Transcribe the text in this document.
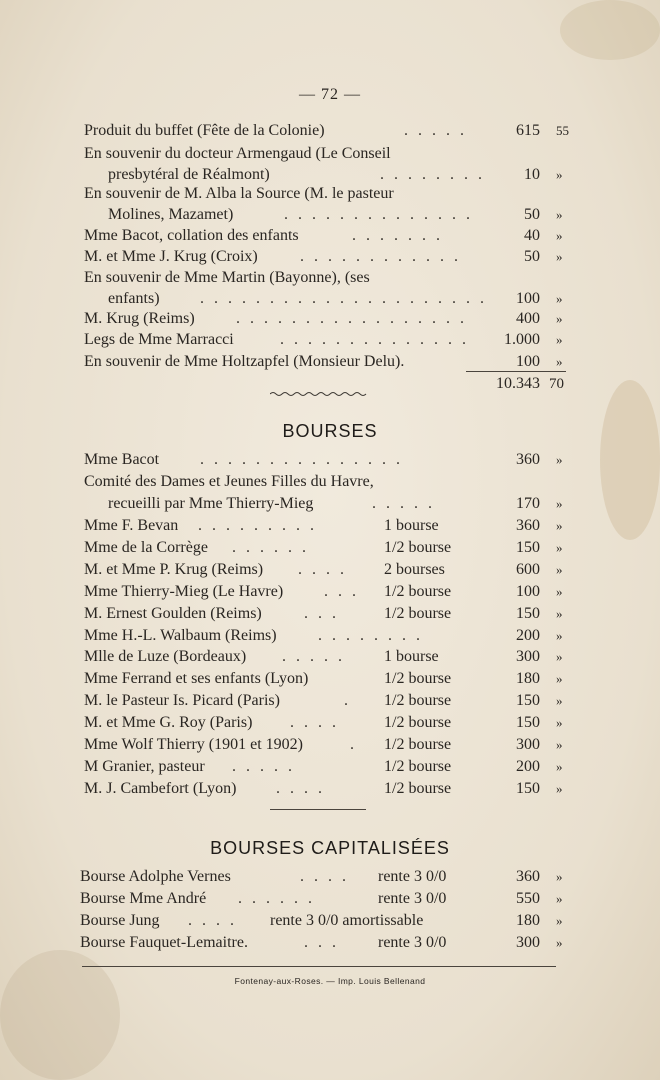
— 72 —
Produit du buffet (Fête de la Colonie)	. . . . .	615 55
En souvenir du docteur Armengaud (Le Conseil
presbytéral de Réalmont)	. . . . . . . .	10 »
En souvenir de M. Alba la Source (M. le pasteur
Molines, Mazamet)	. . . . . . . . . . . . . .	50 »
Mme Bacot, collation des enfants	. . . . . . .	40 »
M. et Mme J. Krug (Croix)	. . . . . . . . . . . .	50 »
En souvenir de Mme Martin (Bayonne), (ses
enfants)	. . . . . . . . . . . . . . . . . . . . .	100 »
M. Krug (Reims)	. . . . . . . . . . . . . . . . .	400 »
Legs de Mme Marracci	. . . . . . . . . . . . . .	1.000 »
En souvenir de Mme Holtzapfel (Monsieur Delu).	100 »
10.343 70
BOURSES
Mme Bacot	. . . . . . . . . . . . . . .	360 »
Comité des Dames et Jeunes Filles du Havre,
recueilli par Mme Thierry-Mieg	. . . . .	170 »
Mme F. Bevan . . . . . . . . .	1 bourse	360 »
Mme de la Corrège . . . . . .	1/2 bourse	150 »
M. et Mme P. Krug (Reims) . . . . 2 bourses	600 »
Mme Thierry-Mieg (Le Havre)	. . . 1/2 bourse	100 »
M. Ernest Goulden (Reims)	. . .	1/2 bourse	150 »
Mme H.-L. Walbaum (Reims)	. . . . . . . .	200 »
Mlle de Luze (Bordeaux) . . . . . 1 bourse	300 »
Mme Ferrand et ses enfants (Lyon)	1/2 bourse	180 »
M. le Pasteur Is. Picard (Paris)	. 1/2 bourse	150 »
M. et Mme G. Roy (Paris) . . . .	1/2 bourse	150 »
Mme Wolf Thierry (1901 et 1902)	. 1/2 bourse	300 »
M Granier, pasteur . . . . .	1/2 bourse	200 »
M. J. Cambefort (Lyon) . . . .	1/2 bourse	150 »
BOURSES CAPITALISÉES
Bourse Adolphe Vernes	. . . . rente 3 0/0	360 »
Bourse Mme André . . . . . .	rente 3 0/0	550 »
Bourse Jung . . . . rente 3 0/0 amortissable	180 »
Bourse Fauquet-Lemaitre.	. . . rente 3 0/0	300 »
Fontenay-aux-Roses. — Imp. Louis Bellenand
